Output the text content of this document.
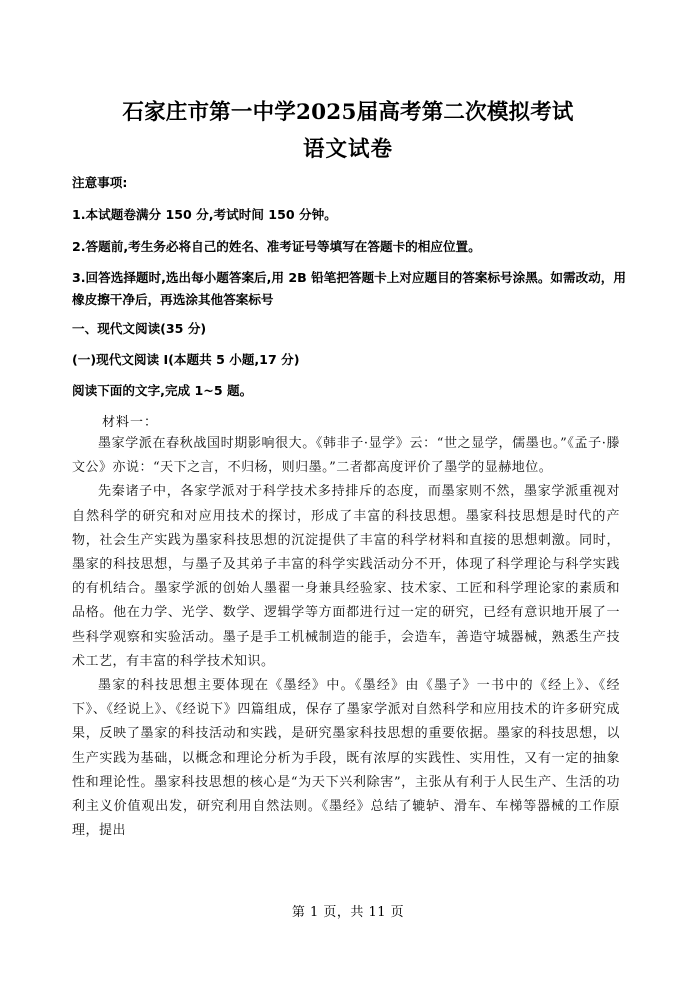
石家庄市第一中学2025届高考第二次模拟考试
语文试卷
注意事项:
1.本试题卷满分 150 分,考试时间 150 分钟。
2.答题前,考生务必将自己的姓名、准考证号等填写在答题卡的相应位置。
3.回答选择题时,选出每小题答案后,用 2B 铅笔把答题卡上对应题目的答案标号涂黑。如需改动，用橡皮擦干净后，再选涂其他答案标号
一、现代文阅读(35 分)
(一)现代文阅读 I(本题共 5 小题,17 分)
阅读下面的文字,完成 1~5 题。
材料一：

墨家学派在春秋战国时期影响很大。《韩非子·显学》云：“世之显学，儒墨也。”《孟子·滕文公》亦说：“天下之言，不归杨，则归墨。”二者都高度评价了墨学的显赫地位。

先秦诸子中，各家学派对于科学技术多持排斥的态度，而墨家则不然，墨家学派重视对自然科学的研究和对应用技术的探讨，形成了丰富的科技思想。墨家科技思想是时代的产物，社会生产实践为墨家科技思想的沉淀提供了丰富的科学材料和直接的思想刺激。同时，墨家的科技思想，与墨子及其弟子丰富的科学实践活动分不开，体现了科学理论与科学实践的有机结合。墨家学派的创始人墨翟一身兼具经验家、技术家、工匠和科学理论家的素质和品格。他在力学、光学、数学、逻辑学等方面都进行过一定的研究，已经有意识地开展了一些科学观察和实验活动。墨子是手工机械制造的能手，会造车，善造守城器械，熟悉生产技术工艺，有丰富的科学技术知识。

墨家的科技思想主要体现在《墨经》中。《墨经》由《墨子》一书中的《经上》、《经下》、《经说上》、《经说下》四篇组成，保存了墨家学派对自然科学和应用技术的许多研究成果，反映了墨家的科技活动和实践，是研究墨家科技思想的重要依据。墨家的科技思想，以生产实践为基础，以概念和理论分析为手段，既有浓厚的实践性、实用性，又有一定的抽象性和理论性。墨家科技思想的核心是“为天下兴利除害”，主张从有利于人民生产、生活的功利主义价值观出发，研究利用自然法则。《墨经》总结了辘轳、滑车、车梯等器械的工作原理，提出

第 1 页，共 11 页
